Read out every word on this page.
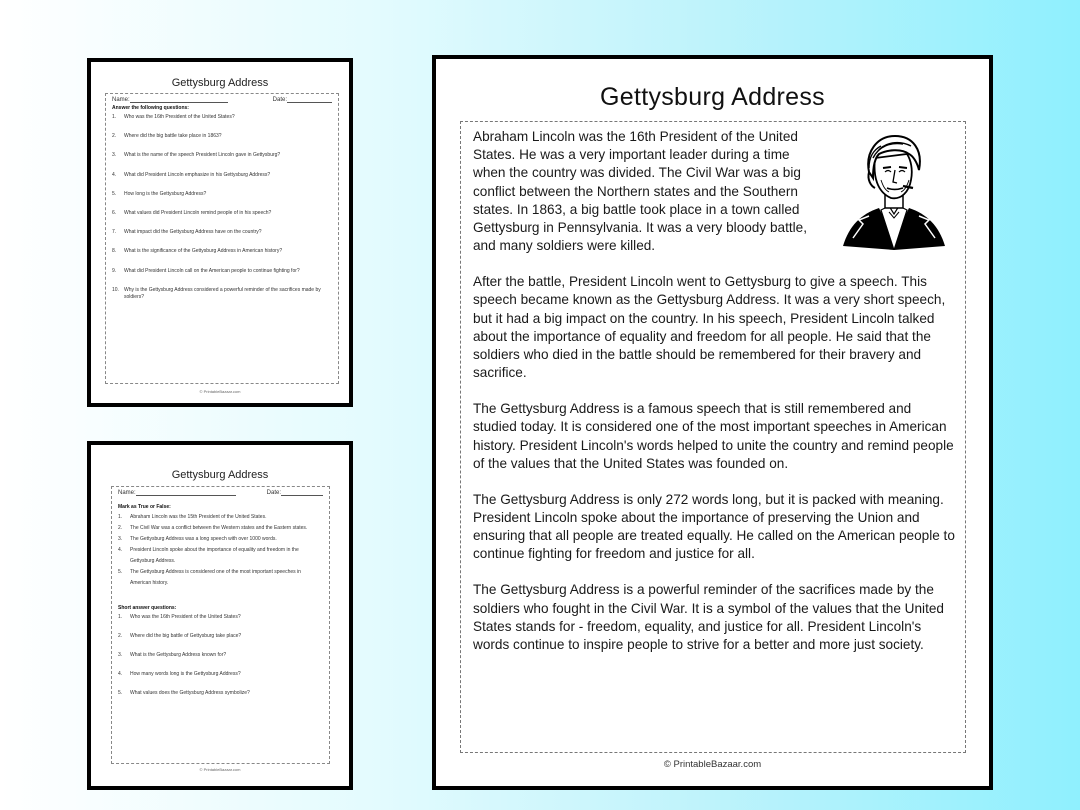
Gettysburg Address
Name:	Date:
Answer the following questions:
1.	Who was the 16th President of the United States?
2.	Where did the big battle take place in 1863?
3.	What is the name of the speech President Lincoln gave in Gettysburg?
4.	What did President Lincoln emphasize in his Gettysburg Address?
5.	How long is the Gettysburg Address?
6.	What values did President Lincoln remind people of in his speech?
7.	What impact did the Gettysburg Address have on the country?
8.	What is the significance of the Gettysburg Address in American history?
9.	What did President Lincoln call on the American people to continue fighting for?
10.	Why is the Gettysburg Address considered a powerful reminder of the sacrifices made by soldiers?
© PrintableBazaar.com
Gettysburg Address
Name:	Date:
Mark as True or False:
1.	Abraham Lincoln was the 15th President of the United States.
2.	The Civil War was a conflict between the Western states and the Eastern states.
3.	The Gettysburg Address was a long speech with over 1000 words.
4.	President Lincoln spoke about the importance of equality and freedom in the Gettysburg Address.
5.	The Gettysburg Address is considered one of the most important speeches in American history.
Short answer questions:
1.	Who was the 16th President of the United States?
2.	Where did the big battle of Gettysburg take place?
3.	What is the Gettysburg Address known for?
4.	How many words long is the Gettysburg Address?
5.	What values does the Gettysburg Address symbolize?
© PrintableBazaar.com
Gettysburg Address

Abraham Lincoln was the 16th President of the United States. He was a very important leader during a time when the country was divided. The Civil War was a big conflict between the Northern states and the Southern states. In 1863, a big battle took place in a town called Gettysburg in Pennsylvania. It was a very bloody battle, and many soldiers were killed.

After the battle, President Lincoln went to Gettysburg to give a speech. This speech became known as the Gettysburg Address. It was a very short speech, but it had a big impact on the country. In his speech, President Lincoln talked about the importance of equality and freedom for all people. He said that the soldiers who died in the battle should be remembered for their bravery and sacrifice.

The Gettysburg Address is a famous speech that is still remembered and studied today. It is considered one of the most important speeches in American history. President Lincoln's words helped to unite the country and remind people of the values that the United States was founded on.

The Gettysburg Address is only 272 words long, but it is packed with meaning. President Lincoln spoke about the importance of preserving the Union and ensuring that all people are treated equally. He called on the American people to continue fighting for freedom and justice for all.

The Gettysburg Address is a powerful reminder of the sacrifices made by the soldiers who fought in the Civil War. It is a symbol of the values that the United States stands for - freedom, equality, and justice for all. President Lincoln's words continue to inspire people to strive for a better and more just society.

© PrintableBazaar.com
